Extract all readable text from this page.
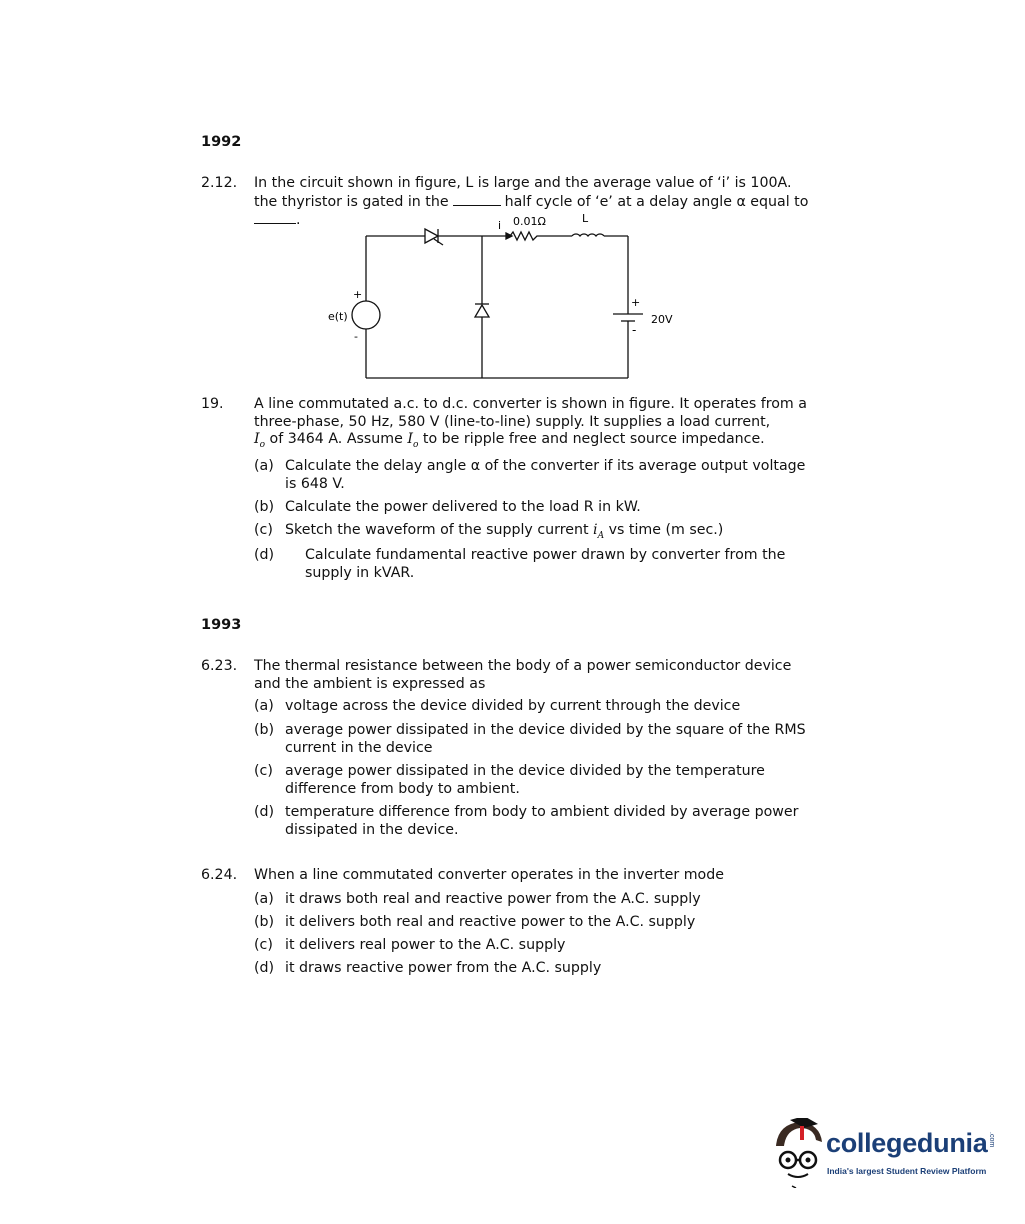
1992
2.12. In the circuit shown in figure, L is large and the average value of ‘i’ is 100A.
the thyristor is gated in the	half cycle of ‘e’ at a delay angle α equal to
.	i 0.01Ω	L
e(t)
+
-
+
-
20V
19. A line commutated a.c. to d.c. converter is shown in figure. It operates from a
three-phase, 50 Hz, 580 V (line-to-line) supply. It supplies a load current,
$I_o$ of 3464 A. Assume $I_o$ to be ripple free and neglect source impedance.
(a) Calculate the delay angle α of the converter if its average output voltage
is 648 V.
(b) Calculate the power delivered to the load R in kW.
(c) Sketch the waveform of the supply current $i_A$ vs time (m sec.)
(d) Calculate fundamental reactive power drawn by converter from the
supply in kVAR.
1993
6.23. The thermal resistance between the body of a power semiconductor device
and the ambient is expressed as
(a) voltage across the device divided by current through the device
(b) average power dissipated in the device divided by the square of the RMS
current in the device
(c) average power dissipated in the device divided by the temperature
difference from body to ambient.
(d) temperature difference from body to ambient divided by average power
dissipated in the device.
6.24. When a line commutated converter operates in the inverter mode
(a) it draws both real and reactive power from the A.C. supply
(b) it delivers both real and reactive power to the A.C. supply
(c) it delivers real power to the A.C. supply
(d) it draws reactive power from the A.C. supply
collegedunia .com
India's largest Student Review Platform
